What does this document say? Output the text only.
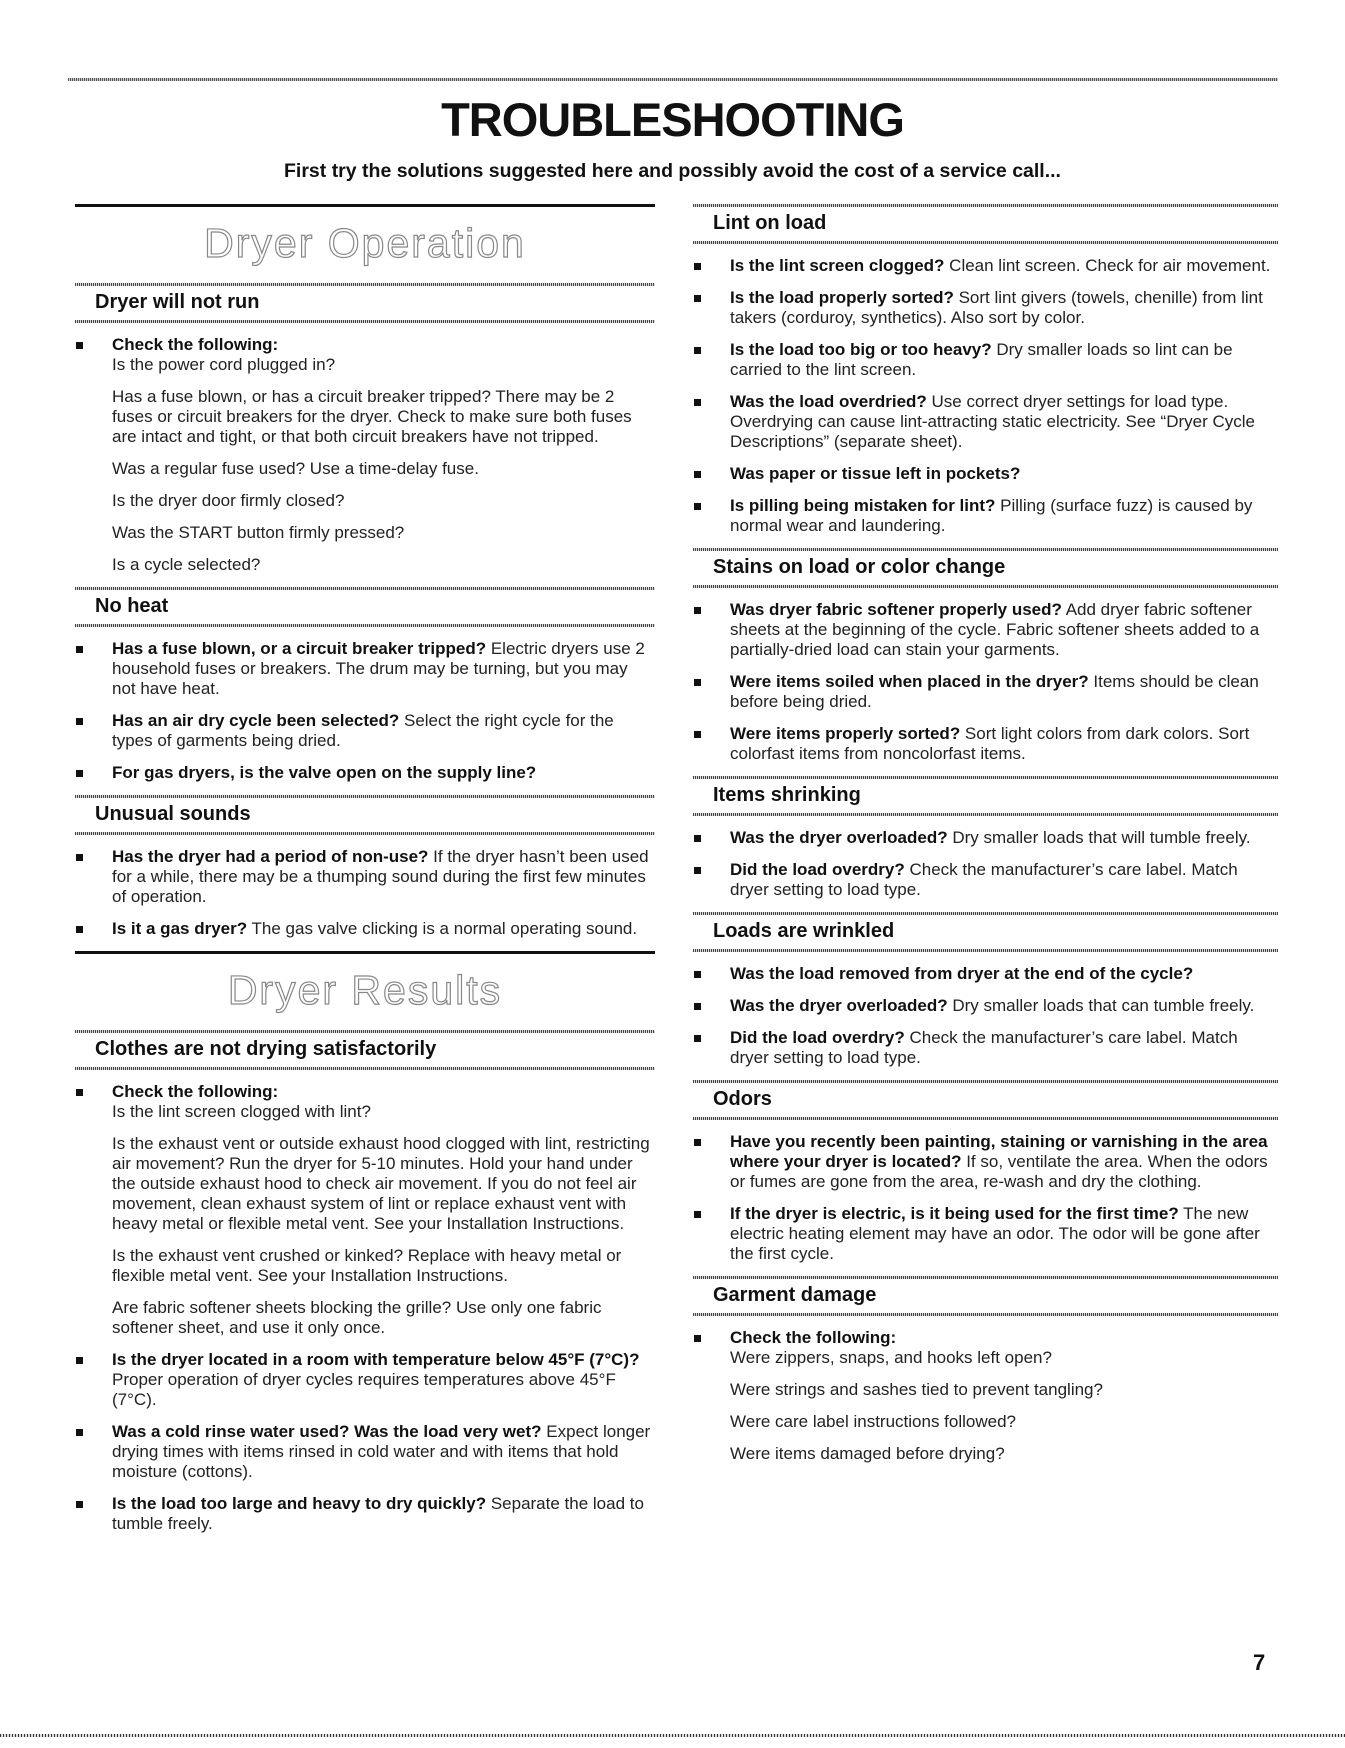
TROUBLESHOOTING
First try the solutions suggested here and possibly avoid the cost of a service call...
Dryer Operation
Dryer will not run
Check the following:
Is the power cord plugged in?
Has a fuse blown, or has a circuit breaker tripped? There may be 2 fuses or circuit breakers for the dryer. Check to make sure both fuses are intact and tight, or that both circuit breakers have not tripped.
Was a regular fuse used? Use a time-delay fuse.
Is the dryer door firmly closed?
Was the START button firmly pressed?
Is a cycle selected?
No heat
Has a fuse blown, or a circuit breaker tripped? Electric dryers use 2 household fuses or breakers. The drum may be turning, but you may not have heat.
Has an air dry cycle been selected? Select the right cycle for the types of garments being dried.
For gas dryers, is the valve open on the supply line?
Unusual sounds
Has the dryer had a period of non-use? If the dryer hasn’t been used for a while, there may be a thumping sound during the first few minutes of operation.
Is it a gas dryer? The gas valve clicking is a normal operating sound.
Dryer Results
Clothes are not drying satisfactorily
Check the following:
Is the lint screen clogged with lint?
Is the exhaust vent or outside exhaust hood clogged with lint, restricting air movement? Run the dryer for 5-10 minutes. Hold your hand under the outside exhaust hood to check air movement. If you do not feel air movement, clean exhaust system of lint or replace exhaust vent with heavy metal or flexible metal vent. See your Installation Instructions.
Is the exhaust vent crushed or kinked? Replace with heavy metal or flexible metal vent. See your Installation Instructions.
Are fabric softener sheets blocking the grille? Use only one fabric softener sheet, and use it only once.
Is the dryer located in a room with temperature below 45°F (7°C)? Proper operation of dryer cycles requires temperatures above 45°F (7°C).
Was a cold rinse water used? Was the load very wet? Expect longer drying times with items rinsed in cold water and with items that hold moisture (cottons).
Is the load too large and heavy to dry quickly? Separate the load to tumble freely.
Lint on load
Is the lint screen clogged? Clean lint screen. Check for air movement.
Is the load properly sorted? Sort lint givers (towels, chenille) from lint takers (corduroy, synthetics). Also sort by color.
Is the load too big or too heavy? Dry smaller loads so lint can be carried to the lint screen.
Was the load overdried? Use correct dryer settings for load type. Overdrying can cause lint-attracting static electricity. See “Dryer Cycle Descriptions” (separate sheet).
Was paper or tissue left in pockets?
Is pilling being mistaken for lint? Pilling (surface fuzz) is caused by normal wear and laundering.
Stains on load or color change
Was dryer fabric softener properly used? Add dryer fabric softener sheets at the beginning of the cycle. Fabric softener sheets added to a partially-dried load can stain your garments.
Were items soiled when placed in the dryer? Items should be clean before being dried.
Were items properly sorted? Sort light colors from dark colors. Sort colorfast items from noncolorfast items.
Items shrinking
Was the dryer overloaded? Dry smaller loads that will tumble freely.
Did the load overdry? Check the manufacturer’s care label. Match dryer setting to load type.
Loads are wrinkled
Was the load removed from dryer at the end of the cycle?
Was the dryer overloaded? Dry smaller loads that can tumble freely.
Did the load overdry? Check the manufacturer’s care label. Match dryer setting to load type.
Odors
Have you recently been painting, staining or varnishing in the area where your dryer is located? If so, ventilate the area. When the odors or fumes are gone from the area, re-wash and dry the clothing.
If the dryer is electric, is it being used for the first time? The new electric heating element may have an odor. The odor will be gone after the first cycle.
Garment damage
Check the following:
Were zippers, snaps, and hooks left open?
Were strings and sashes tied to prevent tangling?
Were care label instructions followed?
Were items damaged before drying?
7
